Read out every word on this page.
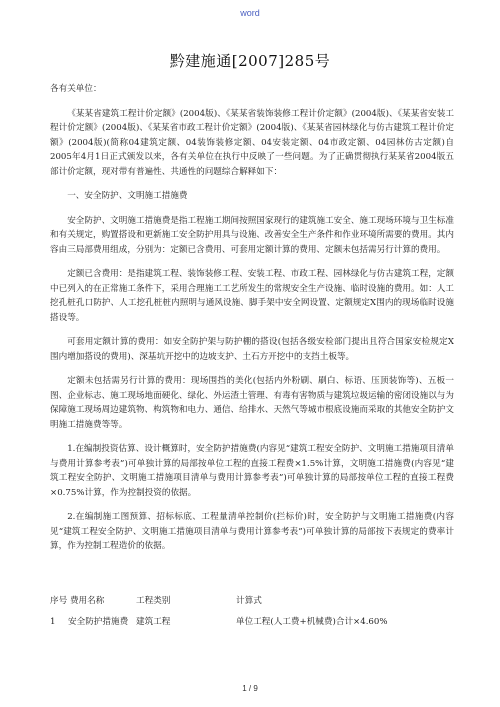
word
黔建施通[2007]285号

各有关单位：

《某某省建筑工程计价定额》(2004版)、《某某省装饰装修工程计价定额》(2004版)、《某某省安装工程计价定额》(2004版)、《某某省市政工程计价定额》(2004版)、《某某省园林绿化与仿古建筑工程计价定额》(2004版)(简称04建筑定额、04装饰装修定额、04安装定额、04市政定额、04园林仿古定额)自2005年4月1日正式颁发以来，各有关单位在执行中反映了一些问题。为了正确贯彻执行某某省2004版五部计价定额，现对带有普遍性、共通性的问题综合解释如下：

一、安全防护、文明施工措施费

安全防护、文明施工措施费是指工程施工期间按照国家现行的建筑施工安全、施工现场环境与卫生标准和有关规定，购置搭设和更新施工安全防护用具与设施、改善安全生产条件和作业环境所需要的费用。其内容由三局部费用组成，分别为：定额已含费用、可套用定额计算的费用、定额未包括需另行计算的费用。

定额已含费用：是指建筑工程、装饰装修工程、安装工程、市政工程、园林绿化与仿古建筑工程，定额中已列入的在正常施工条件下，采用合理施工工艺所发生的常规安全生产设施、临时设施的费用。如：人工挖孔桩孔口防护、人工挖孔桩桩内照明与通风设施、脚手架中安全网设置、定额规定X围内的现场临时设施搭设等。

可套用定额计算的费用：如安全防护架与防护棚的搭设(包括各级安检部门提出且符合国家安检规定X围内增加搭设的费用)、深基坑开挖中的边坡支护、土石方开挖中的支挡土板等。

定额未包括需另行计算的费用：现场围挡的美化(包括内外粉刷、刷白、标语、压顶装饰等)、五板一图、企业标志、施工现场地面硬化、绿化、外运渣土管理、有毒有害物质与建筑垃圾运输的密闭设施以与为保障施工现场周边建筑物、构筑物和电力、通信、给排水、天然气等城市根底设施而采取的其他安全防护文明施工措施费等等。

1.在编制投资估算、设计概算时，安全防护措施费(内容见“建筑工程安全防护、文明施工措施项目清单与费用计算参考表”)可单独计算的局部按单位工程的直接工程费×1.5%计算，文明施工措施费(内容见“建筑工程安全防护、文明施工措施项目清单与费用计算参考表”)可单独计算的局部按单位工程的直接工程费×0.75%计算，作为控制投资的依据。

2.在编制施工图预算、招标标底、工程量清单控制价(拦标价)时，安全防护与文明施工措施费(内容见“建筑工程安全防护、文明施工措施项目清单与费用计算参考表”)可单独计算的局部按下表规定的费率计算，作为控制工程造价的依据。

序号 费用名称	工程类别	计算式
1	安全防护措施费 建筑工程	单位工程(人工费+机械费)合计×4.60%
1 / 9
